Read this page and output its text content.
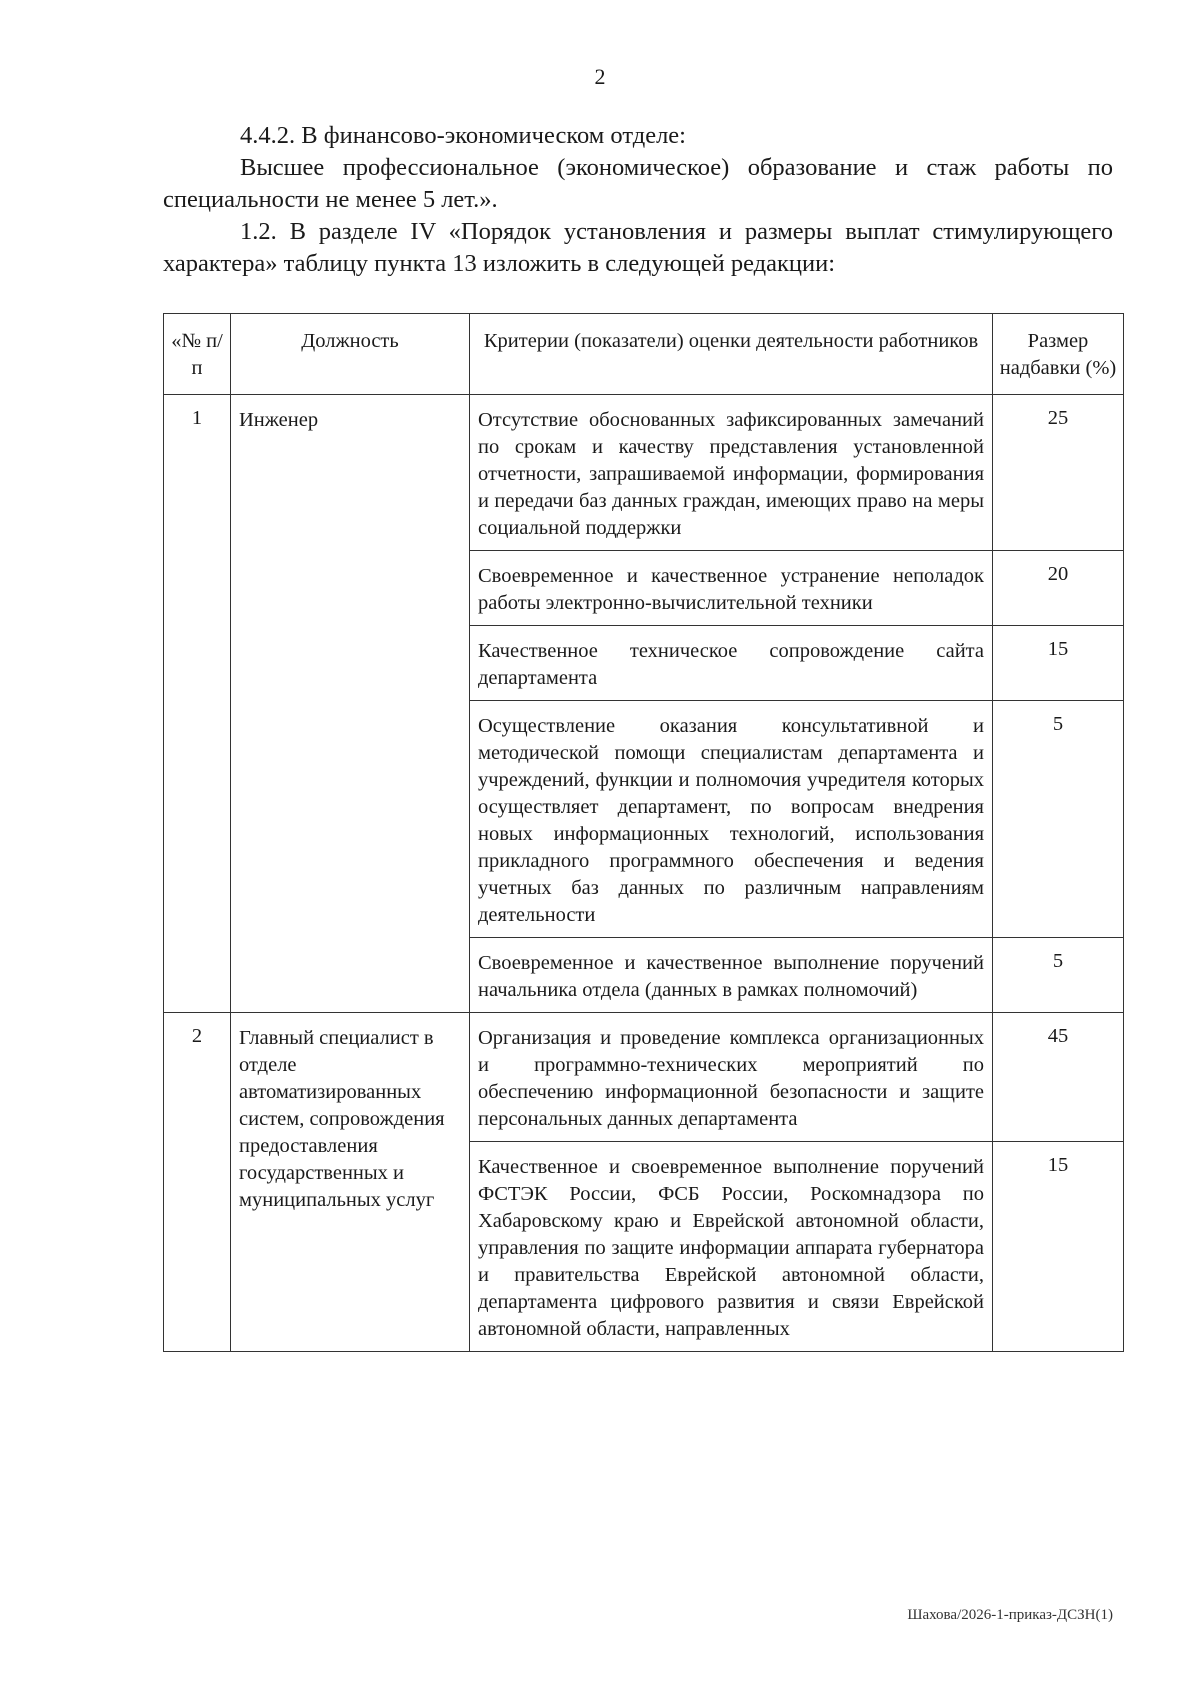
2

4.4.2. В финансово-экономическом отделе:

Высшее профессиональное (экономическое) образование и стаж работы по специальности не менее 5 лет.».

1.2. В разделе IV «Порядок установления и размеры выплат стимулирующего характера» таблицу пункта 13 изложить в следующей редакции:

«№ п/п	Должность	Критерии (показатели) оценки деятельности работников	Размер надбавки (%)
1	Инженер	Отсутствие обоснованных зафиксированных замечаний по срокам и качеству представления установленной отчетности, запрашиваемой информации, формирования и передачи баз данных граждан, имеющих право на меры социальной поддержки	25
		Своевременное и качественное устранение неполадок работы электронно-вычислительной техники	20
		Качественное техническое сопровождение сайта департамента	15
		Осуществление оказания консультативной и методической помощи специалистам департамента и учреждений, функции и полномочия учредителя которых осуществляет департамент, по вопросам внедрения новых информационных технологий, использования прикладного программного обеспечения и ведения учетных баз данных по различным направлениям деятельности	5
		Своевременное и качественное выполнение поручений начальника отдела (данных в рамках полномочий)	5
2	Главный специалист в отделе автоматизированных систем, сопровождения предоставления государственных и муниципальных услуг	Организация и проведение комплекса организационных и программно-технических мероприятий по обеспечению информационной безопасности и защите персональных данных департамента	45
		Качественное и своевременное выполнение поручений ФСТЭК России, ФСБ России, Роскомнадзора по Хабаровскому краю и Еврейской автономной области, управления по защите информации аппарата губернатора и правительства Еврейской автономной области, департамента цифрового развития и связи Еврейской автономной области, направленных	15
Шахова/2026-1-приказ-ДСЗН(1)
